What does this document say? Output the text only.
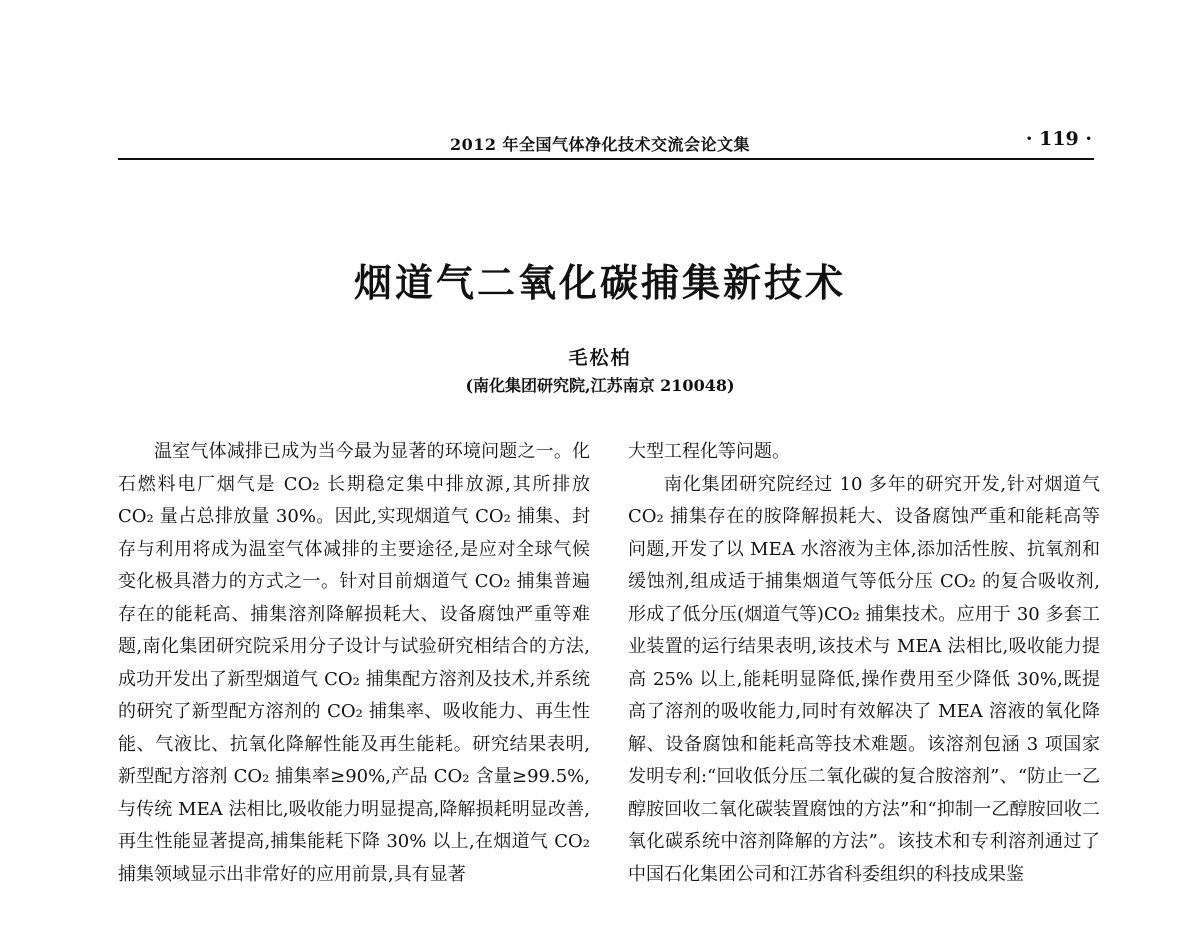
2012 年全国气体净化技术交流会论文集	· 119 ·
烟道气二氧化碳捕集新技术
毛松柏
(南化集团研究院,江苏南京 210048)

温室气体减排已成为当今最为显著的环境问题之一。化石燃料电厂烟气是 CO₂ 长期稳定集中排放源,其所排放 CO₂ 量占总排放量 30%。因此,实现烟道气 CO₂ 捕集、封存与利用将成为温室气体减排的主要途径,是应对全球气候变化极具潜力的方式之一。针对目前烟道气 CO₂ 捕集普遍存在的能耗高、捕集溶剂降解损耗大、设备腐蚀严重等难题,南化集团研究院采用分子设计与试验研究相结合的方法,成功开发出了新型烟道气 CO₂ 捕集配方溶剂及技术,并系统的研究了新型配方溶剂的 CO₂ 捕集率、吸收能力、再生性能、气液比、抗氧化降解性能及再生能耗。研究结果表明,新型配方溶剂 CO₂ 捕集率≥90%,产品 CO₂ 含量≥99.5%,与传统 MEA 法相比,吸收能力明显提高,降解损耗明显改善,再生性能显著提高,捕集能耗下降 30% 以上,在烟道气 CO₂ 捕集领域显示出非常好的应用前景,具有显著

大型工程化等问题。

南化集团研究院经过 10 多年的研究开发,针对烟道气 CO₂ 捕集存在的胺降解损耗大、设备腐蚀严重和能耗高等问题,开发了以 MEA 水溶液为主体,添加活性胺、抗氧剂和缓蚀剂,组成适于捕集烟道气等低分压 CO₂ 的复合吸收剂,形成了低分压(烟道气等)CO₂ 捕集技术。应用于 30 多套工业装置的运行结果表明,该技术与 MEA 法相比,吸收能力提高 25% 以上,能耗明显降低,操作费用至少降低 30%,既提高了溶剂的吸收能力,同时有效解决了 MEA 溶液的氧化降解、设备腐蚀和能耗高等技术难题。该溶剂包涵 3 项国家发明专利:“回收低分压二氧化碳的复合胺溶剂”、“防止一乙醇胺回收二氧化碳装置腐蚀的方法”和“抑制一乙醇胺回收二氧化碳系统中溶剂降解的方法”。该技术和专利溶剂通过了中国石化集团公司和江苏省科委组织的科技成果鉴
